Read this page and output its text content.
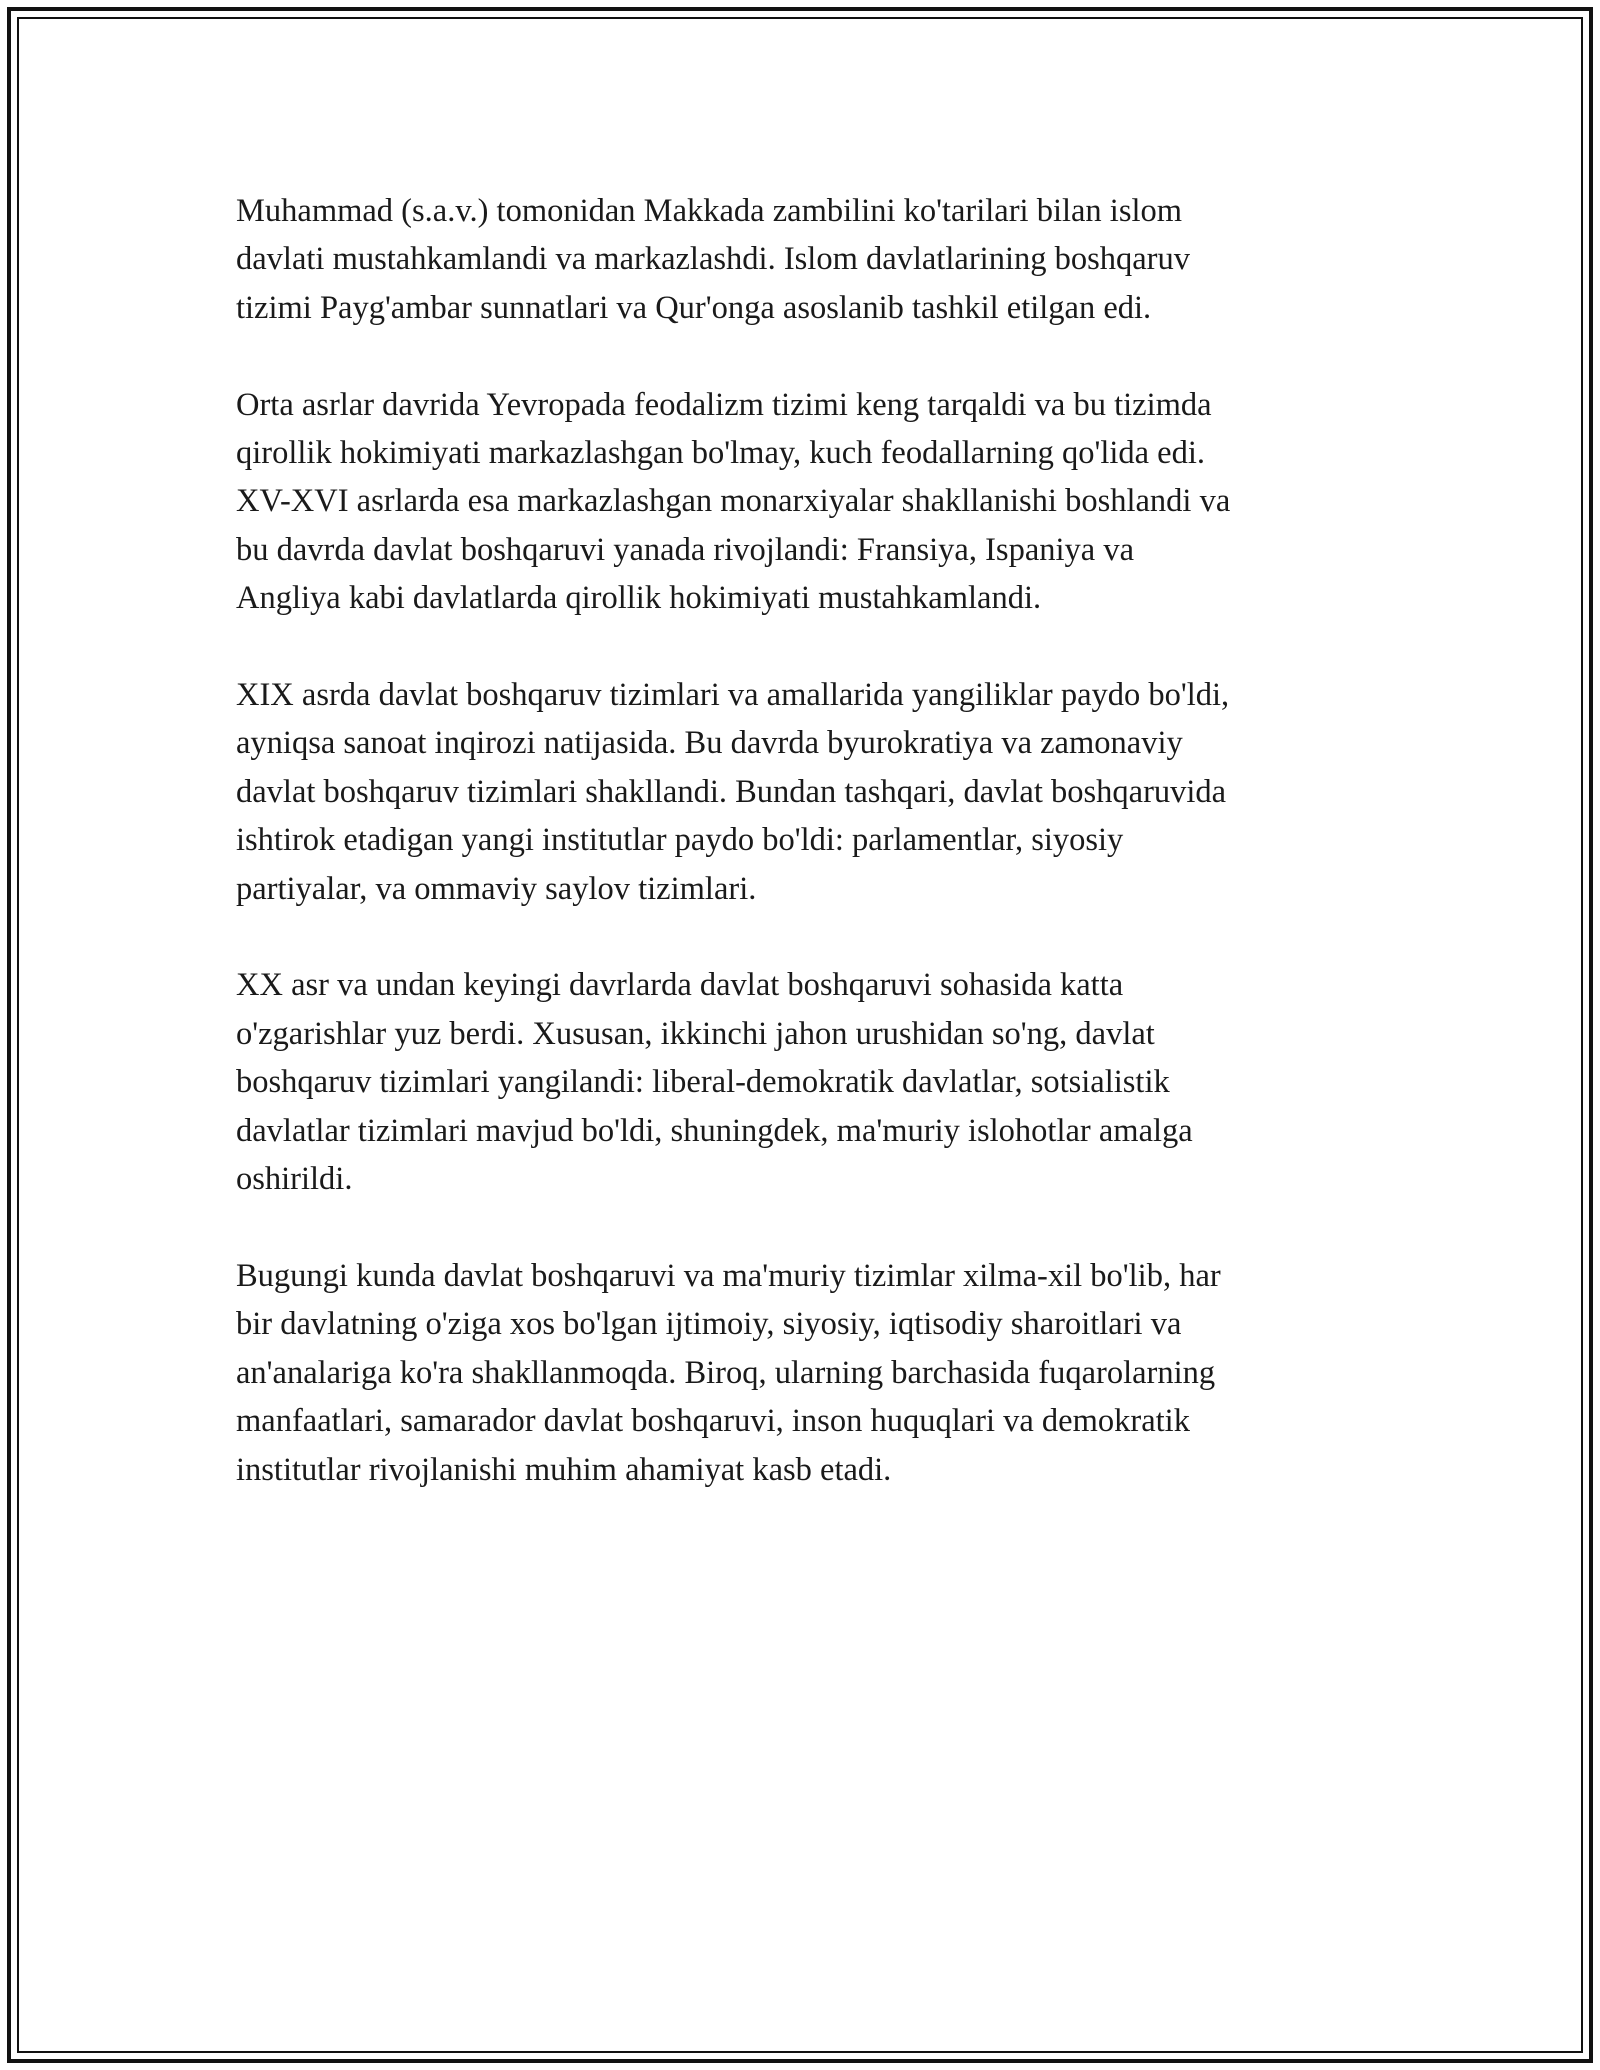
Muhammad (s.a.v.) tomonidan Makkada zambilini ko'tarilari bilan islom
davlati mustahkamlandi va markazlashdi. Islom davlatlarining boshqaruv
tizimi Payg'ambar sunnatlari va Qur'onga asoslanib tashkil etilgan edi.

Orta asrlar davrida Yevropada feodalizm tizimi keng tarqaldi va bu tizimda
qirollik hokimiyati markazlashgan bo'lmay, kuch feodallarning qo'lida edi.
XV-XVI asrlarda esa markazlashgan monarxiyalar shakllanishi boshlandi va
bu davrda davlat boshqaruvi yanada rivojlandi: Fransiya, Ispaniya va
Angliya kabi davlatlarda qirollik hokimiyati mustahkamlandi.

XIX asrda davlat boshqaruv tizimlari va amallarida yangiliklar paydo bo'ldi,
ayniqsa sanoat inqirozi natijasida. Bu davrda byurokratiya va zamonaviy
davlat boshqaruv tizimlari shakllandi. Bundan tashqari, davlat boshqaruvida
ishtirok etadigan yangi institutlar paydo bo'ldi: parlamentlar, siyosiy
partiyalar, va ommaviy saylov tizimlari.

XX asr va undan keyingi davrlarda davlat boshqaruvi sohasida katta
o'zgarishlar yuz berdi. Xususan, ikkinchi jahon urushidan so'ng, davlat
boshqaruv tizimlari yangilandi: liberal-demokratik davlatlar, sotsialistik
davlatlar tizimlari mavjud bo'ldi, shuningdek, ma'muriy islohotlar amalga
oshirildi.

Bugungi kunda davlat boshqaruvi va ma'muriy tizimlar xilma-xil bo'lib, har
bir davlatning o'ziga xos bo'lgan ijtimoiy, siyosiy, iqtisodiy sharoitlari va
an'analariga ko'ra shakllanmoqda. Biroq, ularning barchasida fuqarolarning
manfaatlari, samarador davlat boshqaruvi, inson huquqlari va demokratik
institutlar rivojlanishi muhim ahamiyat kasb etadi.
